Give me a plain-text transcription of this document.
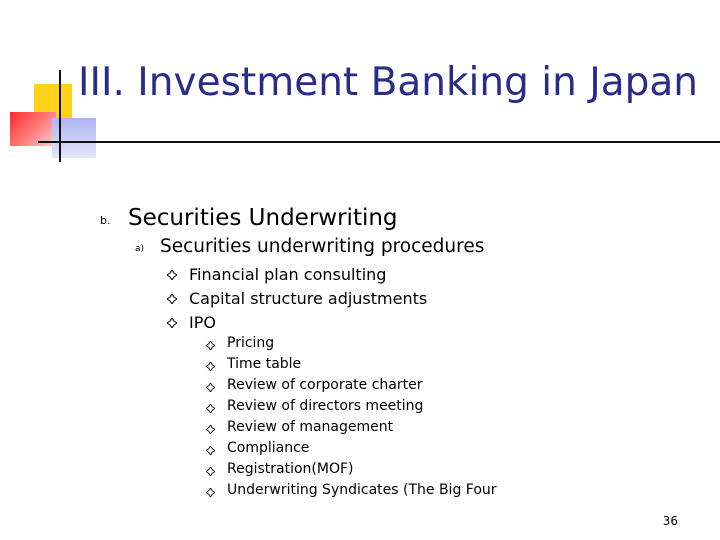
III. Investment Banking in Japan
b. Securities Underwriting
a) Securities underwriting procedures
Financial plan consulting
Capital structure adjustments
IPO
Pricing
Time table
Review of corporate charter
Review of directors meeting
Review of management
Compliance
Registration(MOF)
Underwriting Syndicates (The Big Four
36
